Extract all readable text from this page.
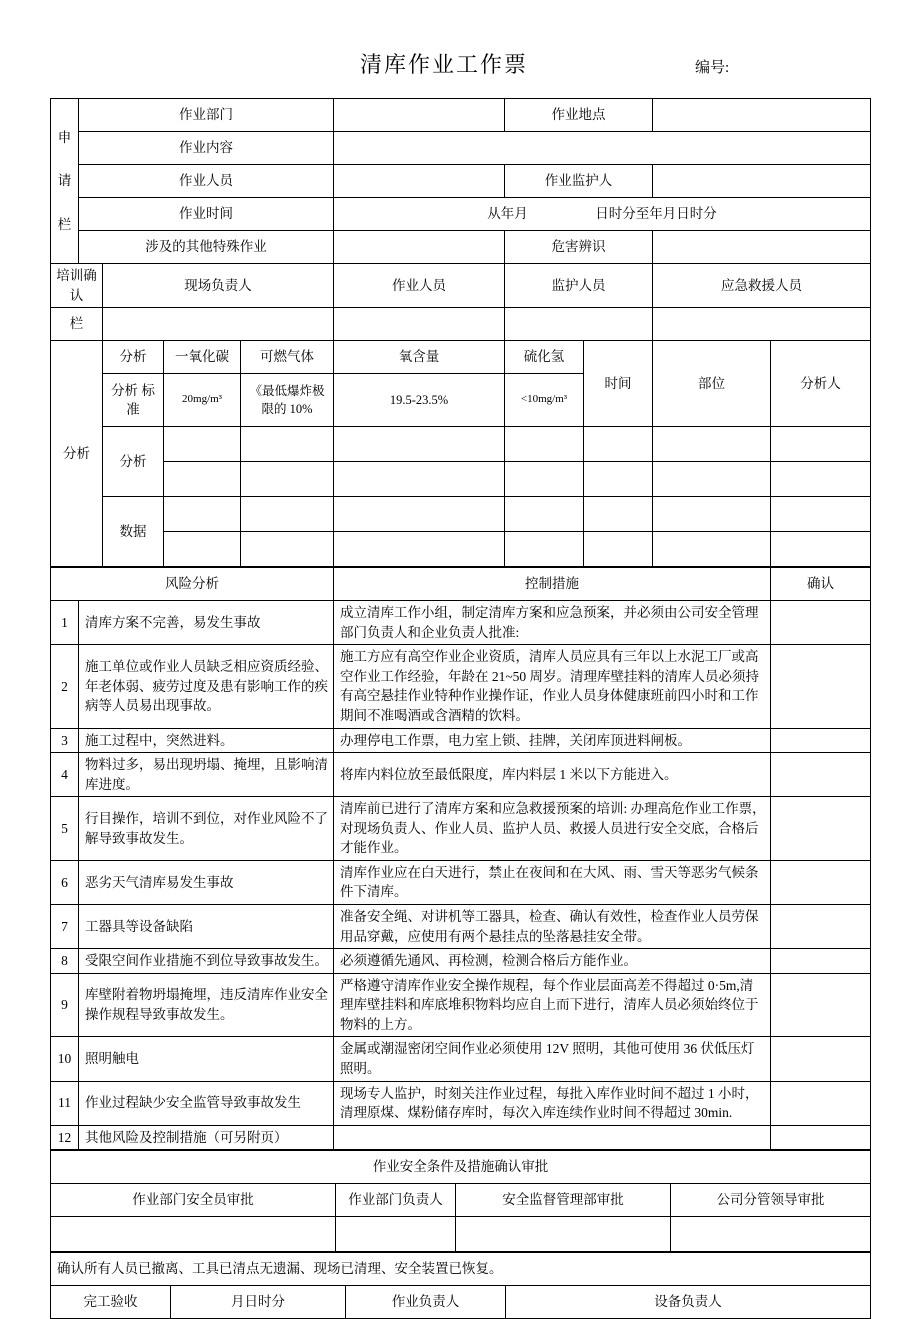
清库作业工作票	编号:
申
请
栏	作业部门					作业地点			
	作业内容								
	作业人员					作业监护人			
	作业时间				从年月　　　　　日时分至年月日时分				
	涉及的其他特殊作业					危害辨识			
培训确认		现场负责人			作业人员	监护人员		应急救援人员	
栏									
分析		分析	一氧化碳	可燃气体	氧含量	硫化氢	时间	部位	分析人
		分析 标准	20mg/m³	《最低爆炸极限的 10%	19.5-23.5%	<10mg/m³			
		分析							

		数据							

风险分析		控制措施	确认
1	清库方案不完善，易发生事故	成立清库工作小组，制定清库方案和应急预案，并必须由公司安全管理部门负责人和企业负责人批准:	
2	施工单位或作业人员缺乏相应资质经验、年老体弱、疲劳过度及患有影响工作的疾病等人员易出现事故。	施工方应有高空作业企业资质，清库人员应具有三年以上水泥工厂或高空作业工作经验，年龄在 21~50 周岁。清理库壁挂料的清库人员必须持有高空悬挂作业特种作业操作证，作业人员身体健康班前四小时和工作期间不准喝酒或含酒精的饮料。	
3	施工过程中，突然进料。	办理停电工作票，电力室上锁、挂牌，关闭库顶进料闸板。	
4	物料过多，易出现坍塌、掩埋，且影响清库进度。	将库内料位放至最低限度，库内料层 1 米以下方能进入。	
5	行目操作，培训不到位，对作业风险不了解导致事故发生。	清库前已进行了清库方案和应急救援预案的培训: 办理高危作业工作票，对现场负责人、作业人员、监护人员、救援人员进行安全交底，合格后才能作业。	
6	恶劣天气清库易发生事故	清库作业应在白天进行，禁止在夜间和在大风、雨、雪天等恶劣气候条件下清库。	
7	工器具等设备缺陷	准备安全绳、对讲机等工器具，检查、确认有效性，检查作业人员劳保用品穿戴，应使用有两个悬挂点的坠落悬挂安全带。	
8	受限空间作业措施不到位导致事故发生。	必须遵循先通风、再检测，检测合格后方能作业。	
9	库壁附着物坍塌掩埋，违反清库作业安全操作规程导致事故发生。	严格遵守清库作业安全操作规程，每个作业层面高差不得超过 0·5m,清理库壁挂料和库底堆积物料均应自上而下进行，清库人员必须始终位于物料的上方。	
10	照明触电	金属或潮湿密闭空间作业必须使用 12V 照明，其他可使用 36 伏低压灯照明。	
11	作业过程缺少安全监管导致事故发生	现场专人监护，时刻关注作业过程，每批入库作业时间不超过 1 小时，清理原煤、煤粉储存库时，每次入库连续作业时间不得超过 30min.	
12	其他风险及控制措施（可另附页）		
作业安全条件及措施确认审批			
作业部门安全员审批	作业部门负责人	安全监督管理部审批	公司分管领导审批

确认所有人员已撤离、工具已清点无遗漏、现场已清理、安全装置已恢复。
完工验收	月日时分	作业负责人	设备负责人
